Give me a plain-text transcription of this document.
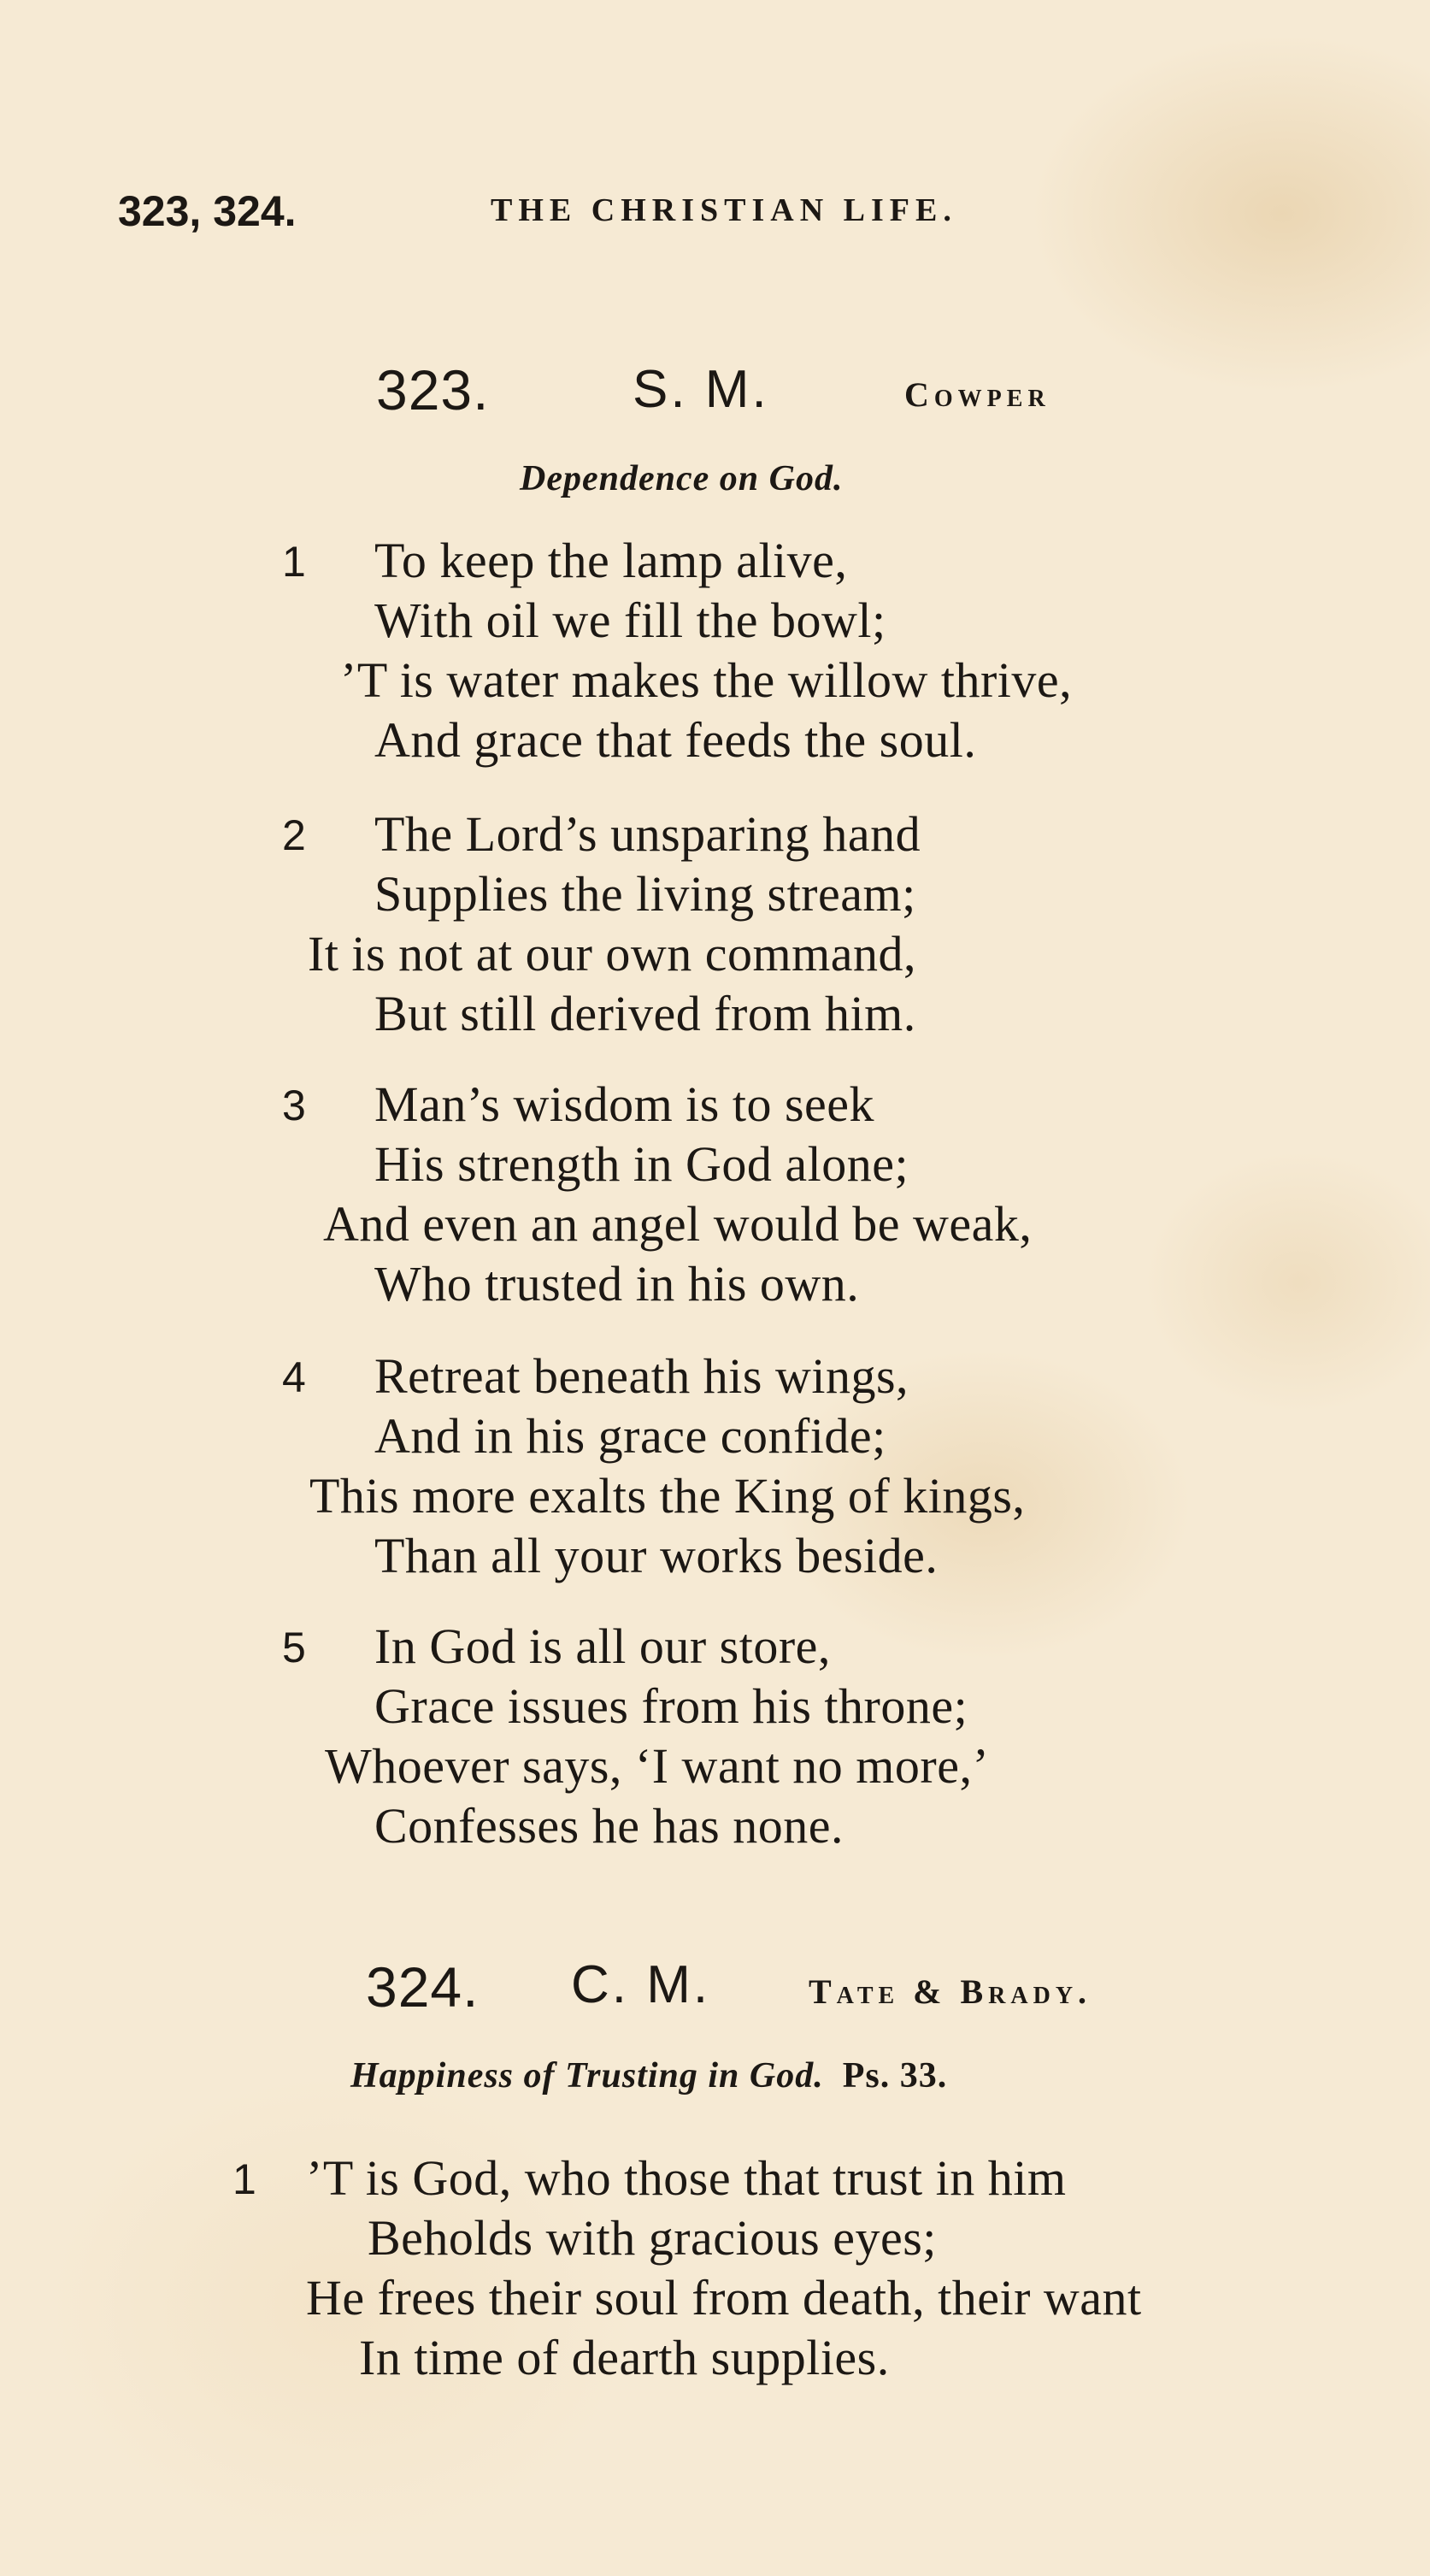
323, 324.	THE CHRISTIAN LIFE.
323.	S. M.	Cowper
Dependence on God.
1 To keep the lamp alive,
With oil we fill the bowl;
’T is water makes the willow thrive,
And grace that feeds the soul.
2 The Lord’s unsparing hand
Supplies the living stream;
It is not at our own command,
But still derived from him.
3 Man’s wisdom is to seek
His strength in God alone;
And even an angel would be weak,
Who trusted in his own.
4 Retreat beneath his wings,
And in his grace confide;
This more exalts the King of kings,
Than all your works beside.
5 In God is all our store,
Grace issues from his throne;
Whoever says, ‘I want no more,’
Confesses he has none.
324. C. M.	Tate & Brady.
Happiness of Trusting in God. Ps. 33.
1 ’T is God, who those that trust in him
Beholds with gracious eyes;
He frees their soul from death, their want
In time of dearth supplies.
